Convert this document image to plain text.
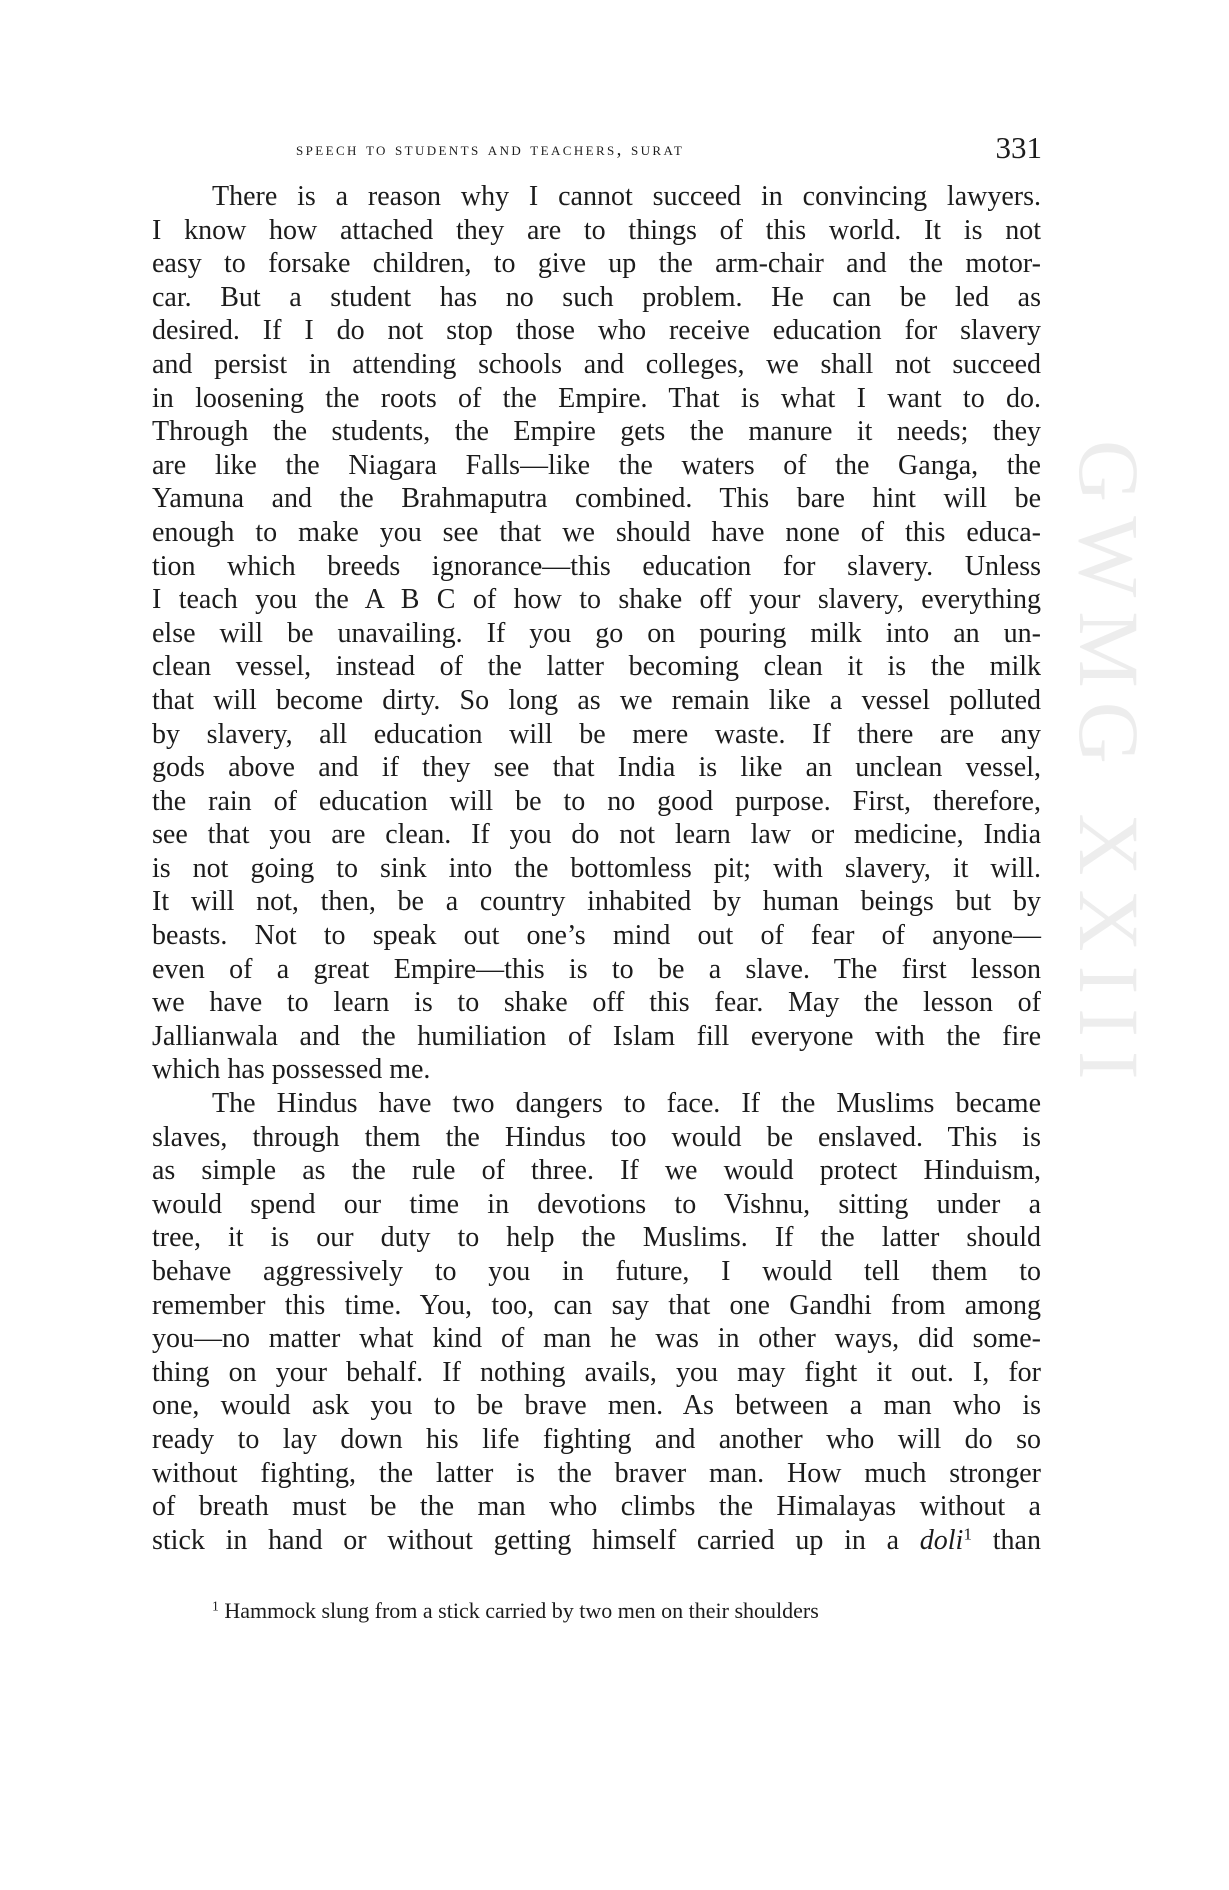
GWMG XXIII
speech to students and teachers, surat	331
There is a reason why I cannot succeed in convincing lawyers.
I know how attached they are to things of this world. It is not
easy to forsake children, to give up the arm-chair and the motor-
car. But a student has no such problem. He can be led as
desired. If I do not stop those who receive education for slavery
and persist in attending schools and colleges, we shall not succeed
in loosening the roots of the Empire. That is what I want to do.
Through the students, the Empire gets the manure it needs; they
are like the Niagara Falls—like the waters of the Ganga, the
Yamuna and the Brahmaputra combined. This bare hint will be
enough to make you see that we should have none of this educa-
tion which breeds ignorance—this education for slavery. Unless
I teach you the A B C of how to shake off your slavery, everything
else will be unavailing. If you go on pouring milk into an un-
clean vessel, instead of the latter becoming clean it is the milk
that will become dirty. So long as we remain like a vessel polluted
by slavery, all education will be mere waste. If there are any
gods above and if they see that India is like an unclean vessel,
the rain of education will be to no good purpose. First, therefore,
see that you are clean. If you do not learn law or medicine, India
is not going to sink into the bottomless pit; with slavery, it will.
It will not, then, be a country inhabited by human beings but by
beasts. Not to speak out one’s mind out of fear of anyone—
even of a great Empire—this is to be a slave. The first lesson
we have to learn is to shake off this fear. May the lesson of
Jallianwala and the humiliation of Islam fill everyone with the fire
which has possessed me.
The Hindus have two dangers to face. If the Muslims became
slaves, through them the Hindus too would be enslaved. This is
as simple as the rule of three. If we would protect Hinduism,
would spend our time in devotions to Vishnu, sitting under a
tree, it is our duty to help the Muslims. If the latter should
behave aggressively to you in future, I would tell them to
remember this time. You, too, can say that one Gandhi from among
you—no matter what kind of man he was in other ways, did some-
thing on your behalf. If nothing avails, you may fight it out. I, for
one, would ask you to be brave men. As between a man who is
ready to lay down his life fighting and another who will do so
without fighting, the latter is the braver man. How much stronger
of breath must be the man who climbs the Himalayas without a
stick in hand or without getting himself carried up in a doli$^1$ than
$^1$ Hammock slung from a stick carried by two men on their shoulders
